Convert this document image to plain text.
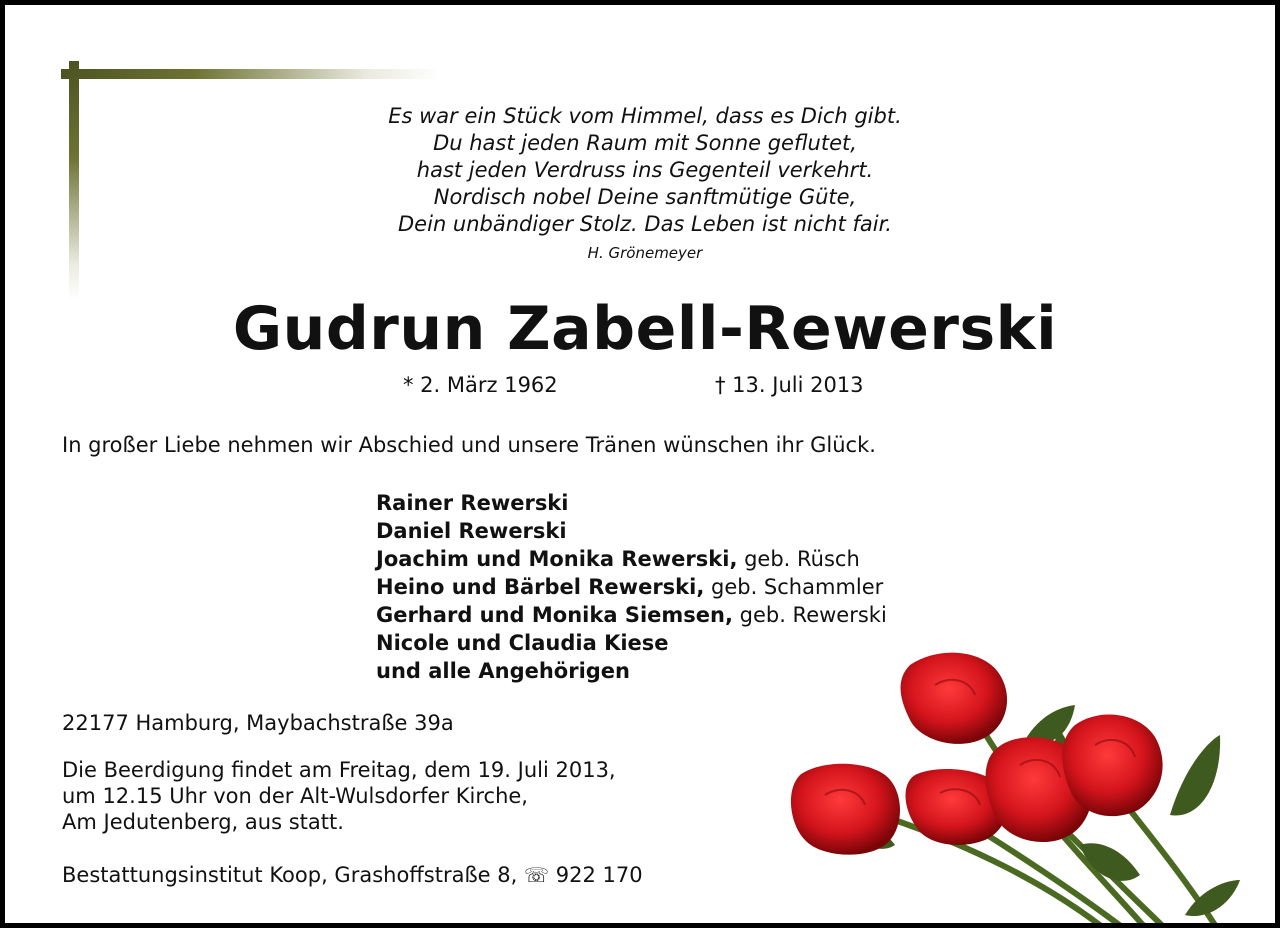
Es war ein Stück vom Himmel, dass es Dich gibt.
Du hast jeden Raum mit Sonne geflutet,
hast jeden Verdruss ins Gegenteil verkehrt.
Nordisch nobel Deine sanftmütige Güte,
Dein unbändiger Stolz. Das Leben ist nicht fair.
H. Grönemeyer
Gudrun Zabell-Rewerski
* 2. März 1962	† 13. Juli 2013
In großer Liebe nehmen wir Abschied und unsere Tränen wünschen ihr Glück.
Rainer Rewerski
Daniel Rewerski
Joachim und Monika Rewerski, geb. Rüsch
Heino und Bärbel Rewerski, geb. Schammler
Gerhard und Monika Siemsen, geb. Rewerski
Nicole und Claudia Kiese
und alle Angehörigen
22177 Hamburg, Maybachstraße 39a
Die Beerdigung findet am Freitag, dem 19. Juli 2013,
um 12.15 Uhr von der Alt-Wulsdorfer Kirche,
Am Jedutenberg, aus statt.
Bestattungsinstitut Koop, Grashoffstraße 8, ☏ 922 170
